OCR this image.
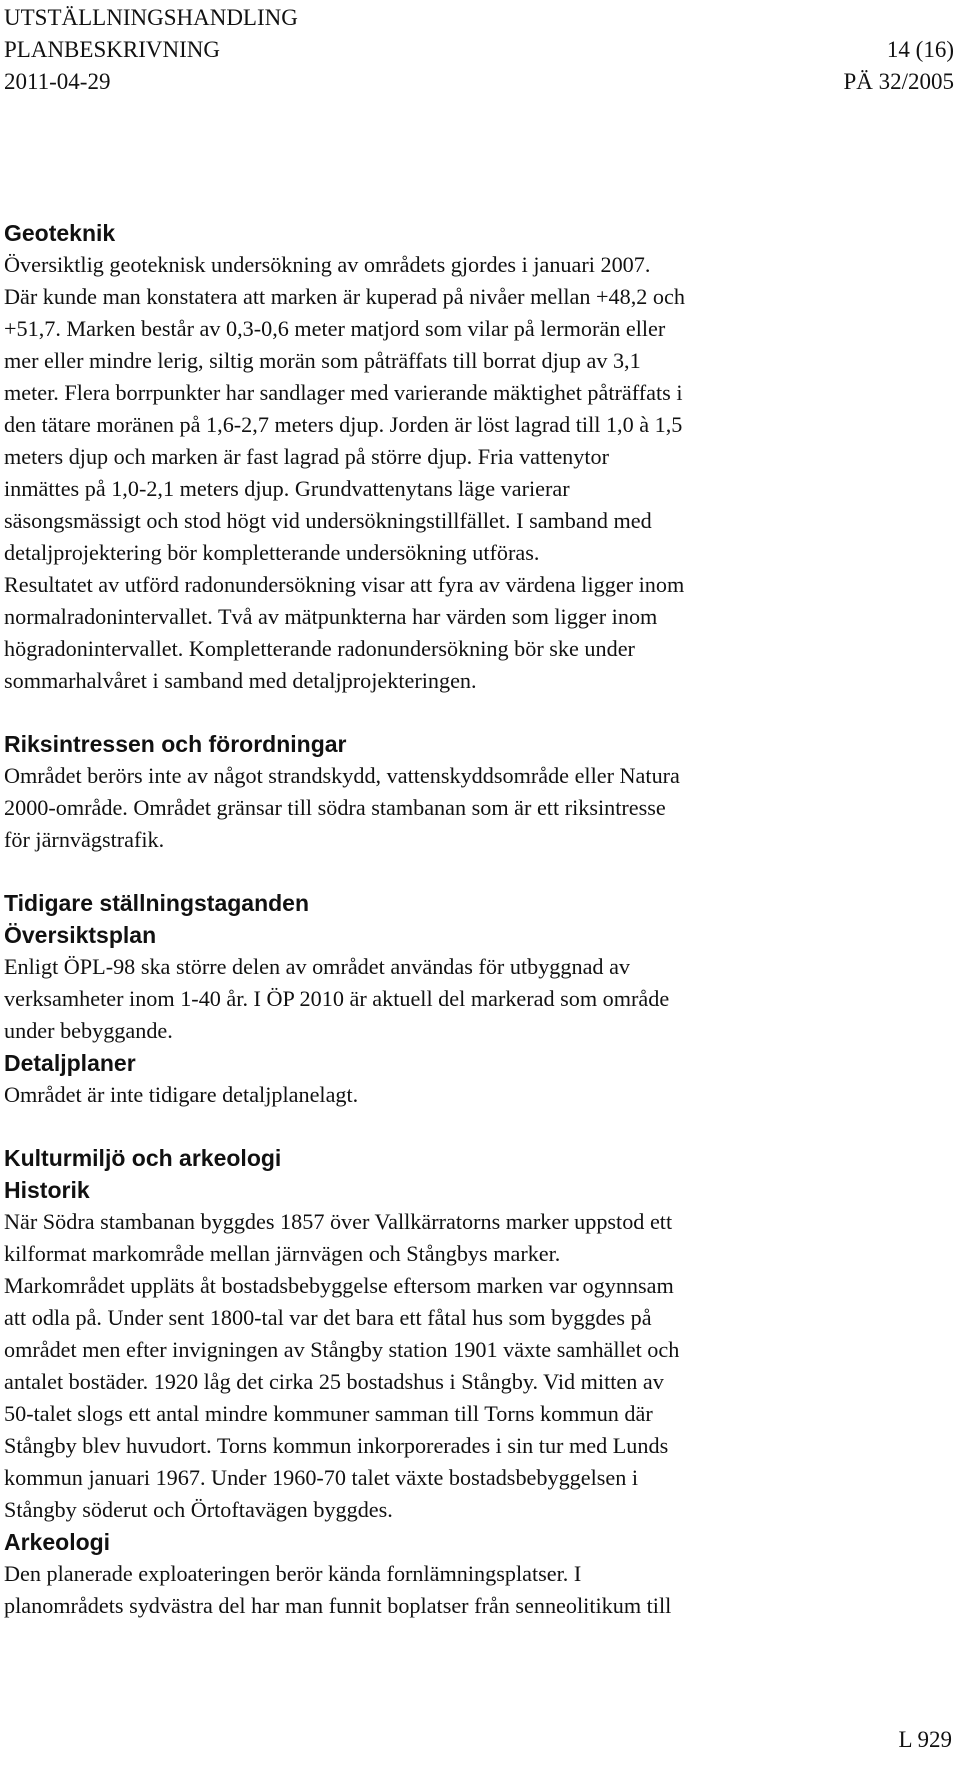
UTSTÄLLNINGSHANDLING
PLANBESKRIVNING	14 (16)
2011-04-29	PÄ 32/2005
Geoteknik

Översiktlig geoteknisk undersökning av områdets gjordes i januari 2007.

Där kunde man konstatera att marken är kuperad på nivåer mellan +48,2 och

+51,7. Marken består av 0,3-0,6 meter matjord som vilar på lermorän eller

mer eller mindre lerig, siltig morän som påträffats till borrat djup av 3,1

meter. Flera borrpunkter har sandlager med varierande mäktighet påträffats i

den tätare moränen på 1,6-2,7 meters djup. Jorden är löst lagrad till 1,0 à 1,5

meters djup och marken är fast lagrad på större djup. Fria vattenytor

inmättes på 1,0-2,1 meters djup. Grundvattenytans läge varierar

säsongsmässigt och stod högt vid undersökningstillfället. I samband med

detaljprojektering bör kompletterande undersökning utföras.

Resultatet av utförd radonundersökning visar att fyra av värdena ligger inom

normalradonintervallet. Två av mätpunkterna har värden som ligger inom

högradonintervallet. Kompletterande radonundersökning bör ske under

sommarhalvåret i samband med detaljprojekteringen.

Riksintressen och förordningar

Området berörs inte av något strandskydd, vattenskyddsområde eller Natura

2000-område. Området gränsar till södra stambanan som är ett riksintresse

för järnvägstrafik.

Tidigare ställningstaganden
Översiktsplan

Enligt ÖPL-98 ska större delen av området användas för utbyggnad av

verksamheter inom 1-40 år. I ÖP 2010 är aktuell del markerad som område

under bebyggande.

Detaljplaner

Området är inte tidigare detaljplanelagt.

Kulturmiljö och arkeologi
Historik

När Södra stambanan byggdes 1857 över Vallkärratorns marker uppstod ett

kilformat markområde mellan järnvägen och Stångbys marker.

Markområdet uppläts åt bostadsbebyggelse eftersom marken var ogynnsam

att odla på. Under sent 1800-tal var det bara ett fåtal hus som byggdes på

området men efter invigningen av Stångby station 1901 växte samhället och

antalet bostäder. 1920 låg det cirka 25 bostadshus i Stångby. Vid mitten av

50-talet slogs ett antal mindre kommuner samman till Torns kommun där

Stångby blev huvudort. Torns kommun inkorporerades i sin tur med Lunds

kommun januari 1967. Under 1960-70 talet växte bostadsbebyggelsen i

Stångby söderut och Örtoftavägen byggdes.

Arkeologi

Den planerade exploateringen berör kända fornlämningsplatser. I

planområdets sydvästra del har man funnit boplatser från senneolitikum till

L 929
